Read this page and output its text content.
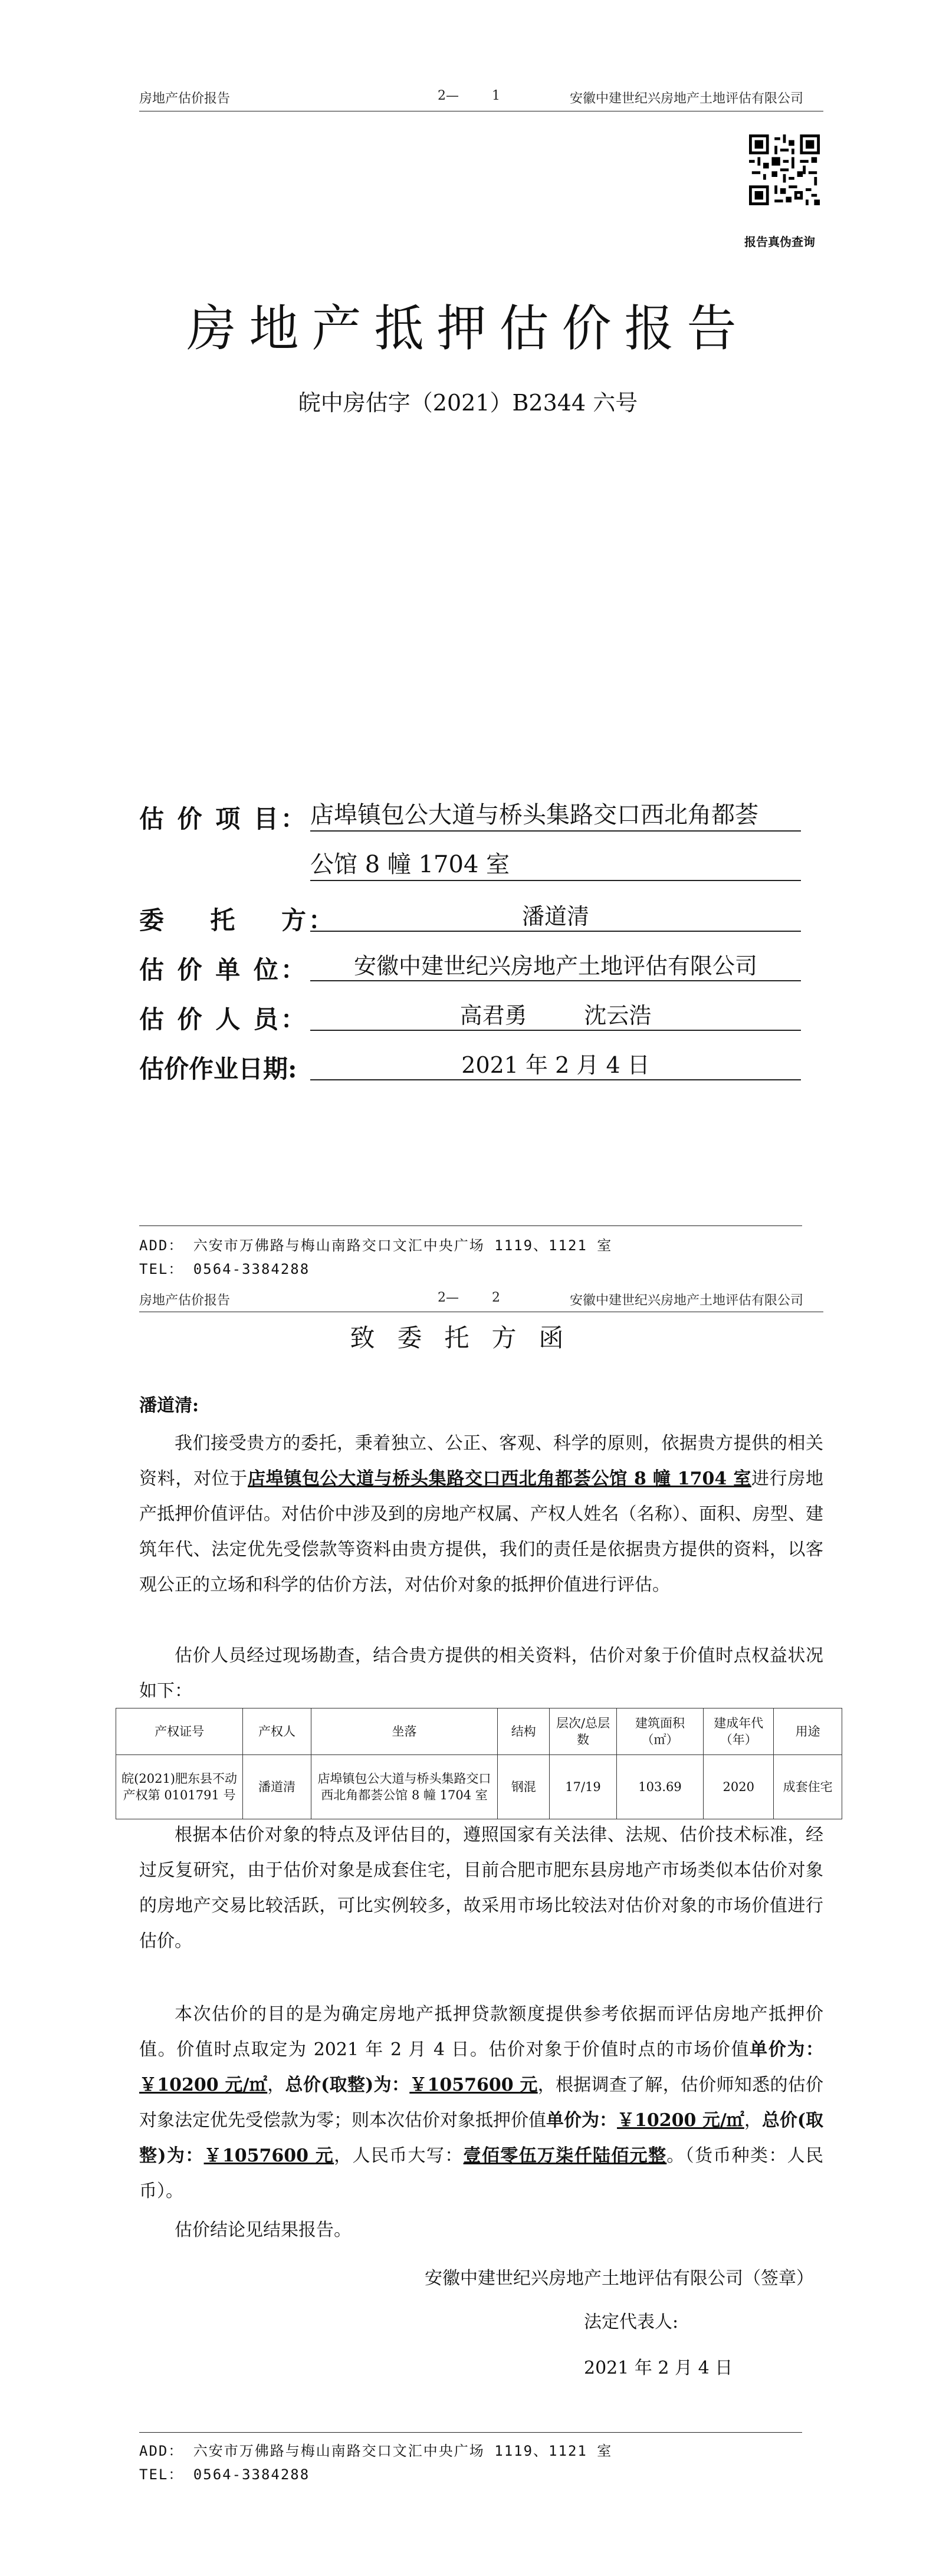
房地产估价报告	2—	1	安徽中建世纪兴房地产土地评估有限公司
报告真伪查询
房地产抵押估价报告
皖中房估字（2021）B2344 六号
估 价 项 目： 店埠镇包公大道与桥头集路交口西北角都荟
公馆 8 幢 1704 室
委    托    方：	潘道清
估 价 单 位：	安徽中建世纪兴房地产土地评估有限公司
估 价 人 员：	高君勇	沈云浩
估价作业日期:	2021 年 2 月 4 日
ADD： 六安市万佛路与梅山南路交口文汇中央广场 1119、1121 室
TEL： 0564-3384288
房地产估价报告	2—	2	安徽中建世纪兴房地产土地评估有限公司
致委托方函
潘道清:

我们接受贵方的委托，秉着独立、公正、客观、科学的原则，依据贵方提供的相关资料，对位于店埠镇包公大道与桥头集路交口西北角都荟公馆 8 幢 1704 室进行房地产抵押价值评估。对估价中涉及到的房地产权属、产权人姓名（名称）、面积、房型、建筑年代、法定优先受偿款等资料由贵方提供，我们的责任是依据贵方提供的资料，以客观公正的立场和科学的估价方法，对估价对象的抵押价值进行评估。

估价人员经过现场勘查，结合贵方提供的相关资料，估价对象于价值时点权益状况如下：

产权证号	产权人	坐落	结构	层次/总层数	建筑面积（㎡）	建成年代（年）	用途
皖(2021)肥东县不动产权第 0101791 号	潘道清	店埠镇包公大道与桥头集路交口西北角都荟公馆 8 幢 1704 室	钢混	17/19	103.69	2020	成套住宅

根据本估价对象的特点及评估目的，遵照国家有关法律、法规、估价技术标准，经过反复研究，由于估价对象是成套住宅，目前合肥市肥东县房地产市场类似本估价对象的房地产交易比较活跃，可比实例较多，故采用市场比较法对估价对象的市场价值进行估价。

本次估价的目的是为确定房地产抵押贷款额度提供参考依据而评估房地产抵押价值。价值时点取定为 2021 年 2 月 4 日。估价对象于价值时点的市场价值单价为：￥10200 元/㎡，总价(取整)为：￥1057600 元，根据调查了解，估价师知悉的估价对象法定优先受偿款为零；则本次估价对象抵押价值单价为：￥10200 元/㎡，总价(取整)为：￥1057600 元，人民币大写：壹佰零伍万柒仟陆佰元整。（货币种类：人民币）。

估价结论见结果报告。

安徽中建世纪兴房地产土地评估有限公司（签章）
法定代表人:
2021 年 2 月 4 日
ADD： 六安市万佛路与梅山南路交口文汇中央广场 1119、1121 室
TEL： 0564-3384288
